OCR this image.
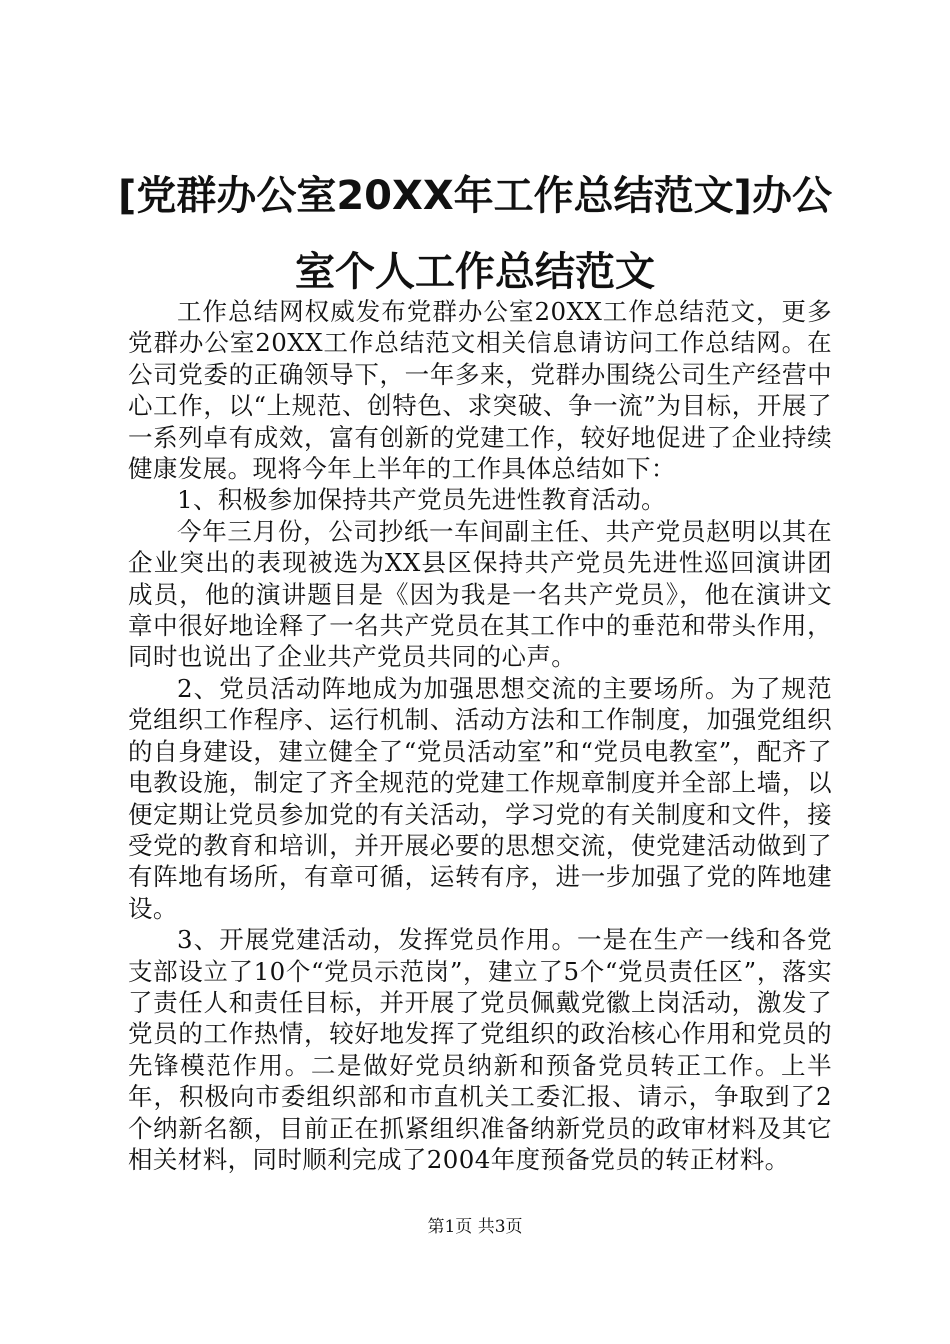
[党群办公室20XX年工作总结范文]办公室个人工作总结范文

工作总结网权威发布党群办公室20XX工作总结范文，更多党群办公室20XX工作总结范文相关信息请访问工作总结网。在公司党委的正确领导下，一年多来，党群办围绕公司生产经营中心工作，以“上规范、创特色、求突破、争一流”为目标，开展了一系列卓有成效，富有创新的党建工作，较好地促进了企业持续健康发展。现将今年上半年的工作具体总结如下：

1、积极参加保持共产党员先进性教育活动。

今年三月份，公司抄纸一车间副主任、共产党员赵明以其在企业突出的表现被选为XX县区保持共产党员先进性巡回演讲团成员，他的演讲题目是《因为我是一名共产党员》，他在演讲文章中很好地诠释了一名共产党员在其工作中的垂范和带头作用，同时也说出了企业共产党员共同的心声。

2、党员活动阵地成为加强思想交流的主要场所。为了规范党组织工作程序、运行机制、活动方法和工作制度，加强党组织的自身建设，建立健全了“党员活动室”和“党员电教室”，配齐了电教设施，制定了齐全规范的党建工作规章制度并全部上墙，以便定期让党员参加党的有关活动，学习党的有关制度和文件，接受党的教育和培训，并开展必要的思想交流，使党建活动做到了有阵地有场所，有章可循，运转有序，进一步加强了党的阵地建设。

3、开展党建活动，发挥党员作用。一是在生产一线和各党支部设立了10个“党员示范岗”，建立了5个“党员责任区”，落实了责任人和责任目标，并开展了党员佩戴党徽上岗活动，激发了党员的工作热情，较好地发挥了党组织的政治核心作用和党员的先锋模范作用。二是做好党员纳新和预备党员转正工作。上半年，积极向市委组织部和市直机关工委汇报、请示，争取到了2个纳新名额，目前正在抓紧组织准备纳新党员的政审材料及其它相关材料，同时顺利完成了2004年度预备党员的转正材料。

第1页 共3页
